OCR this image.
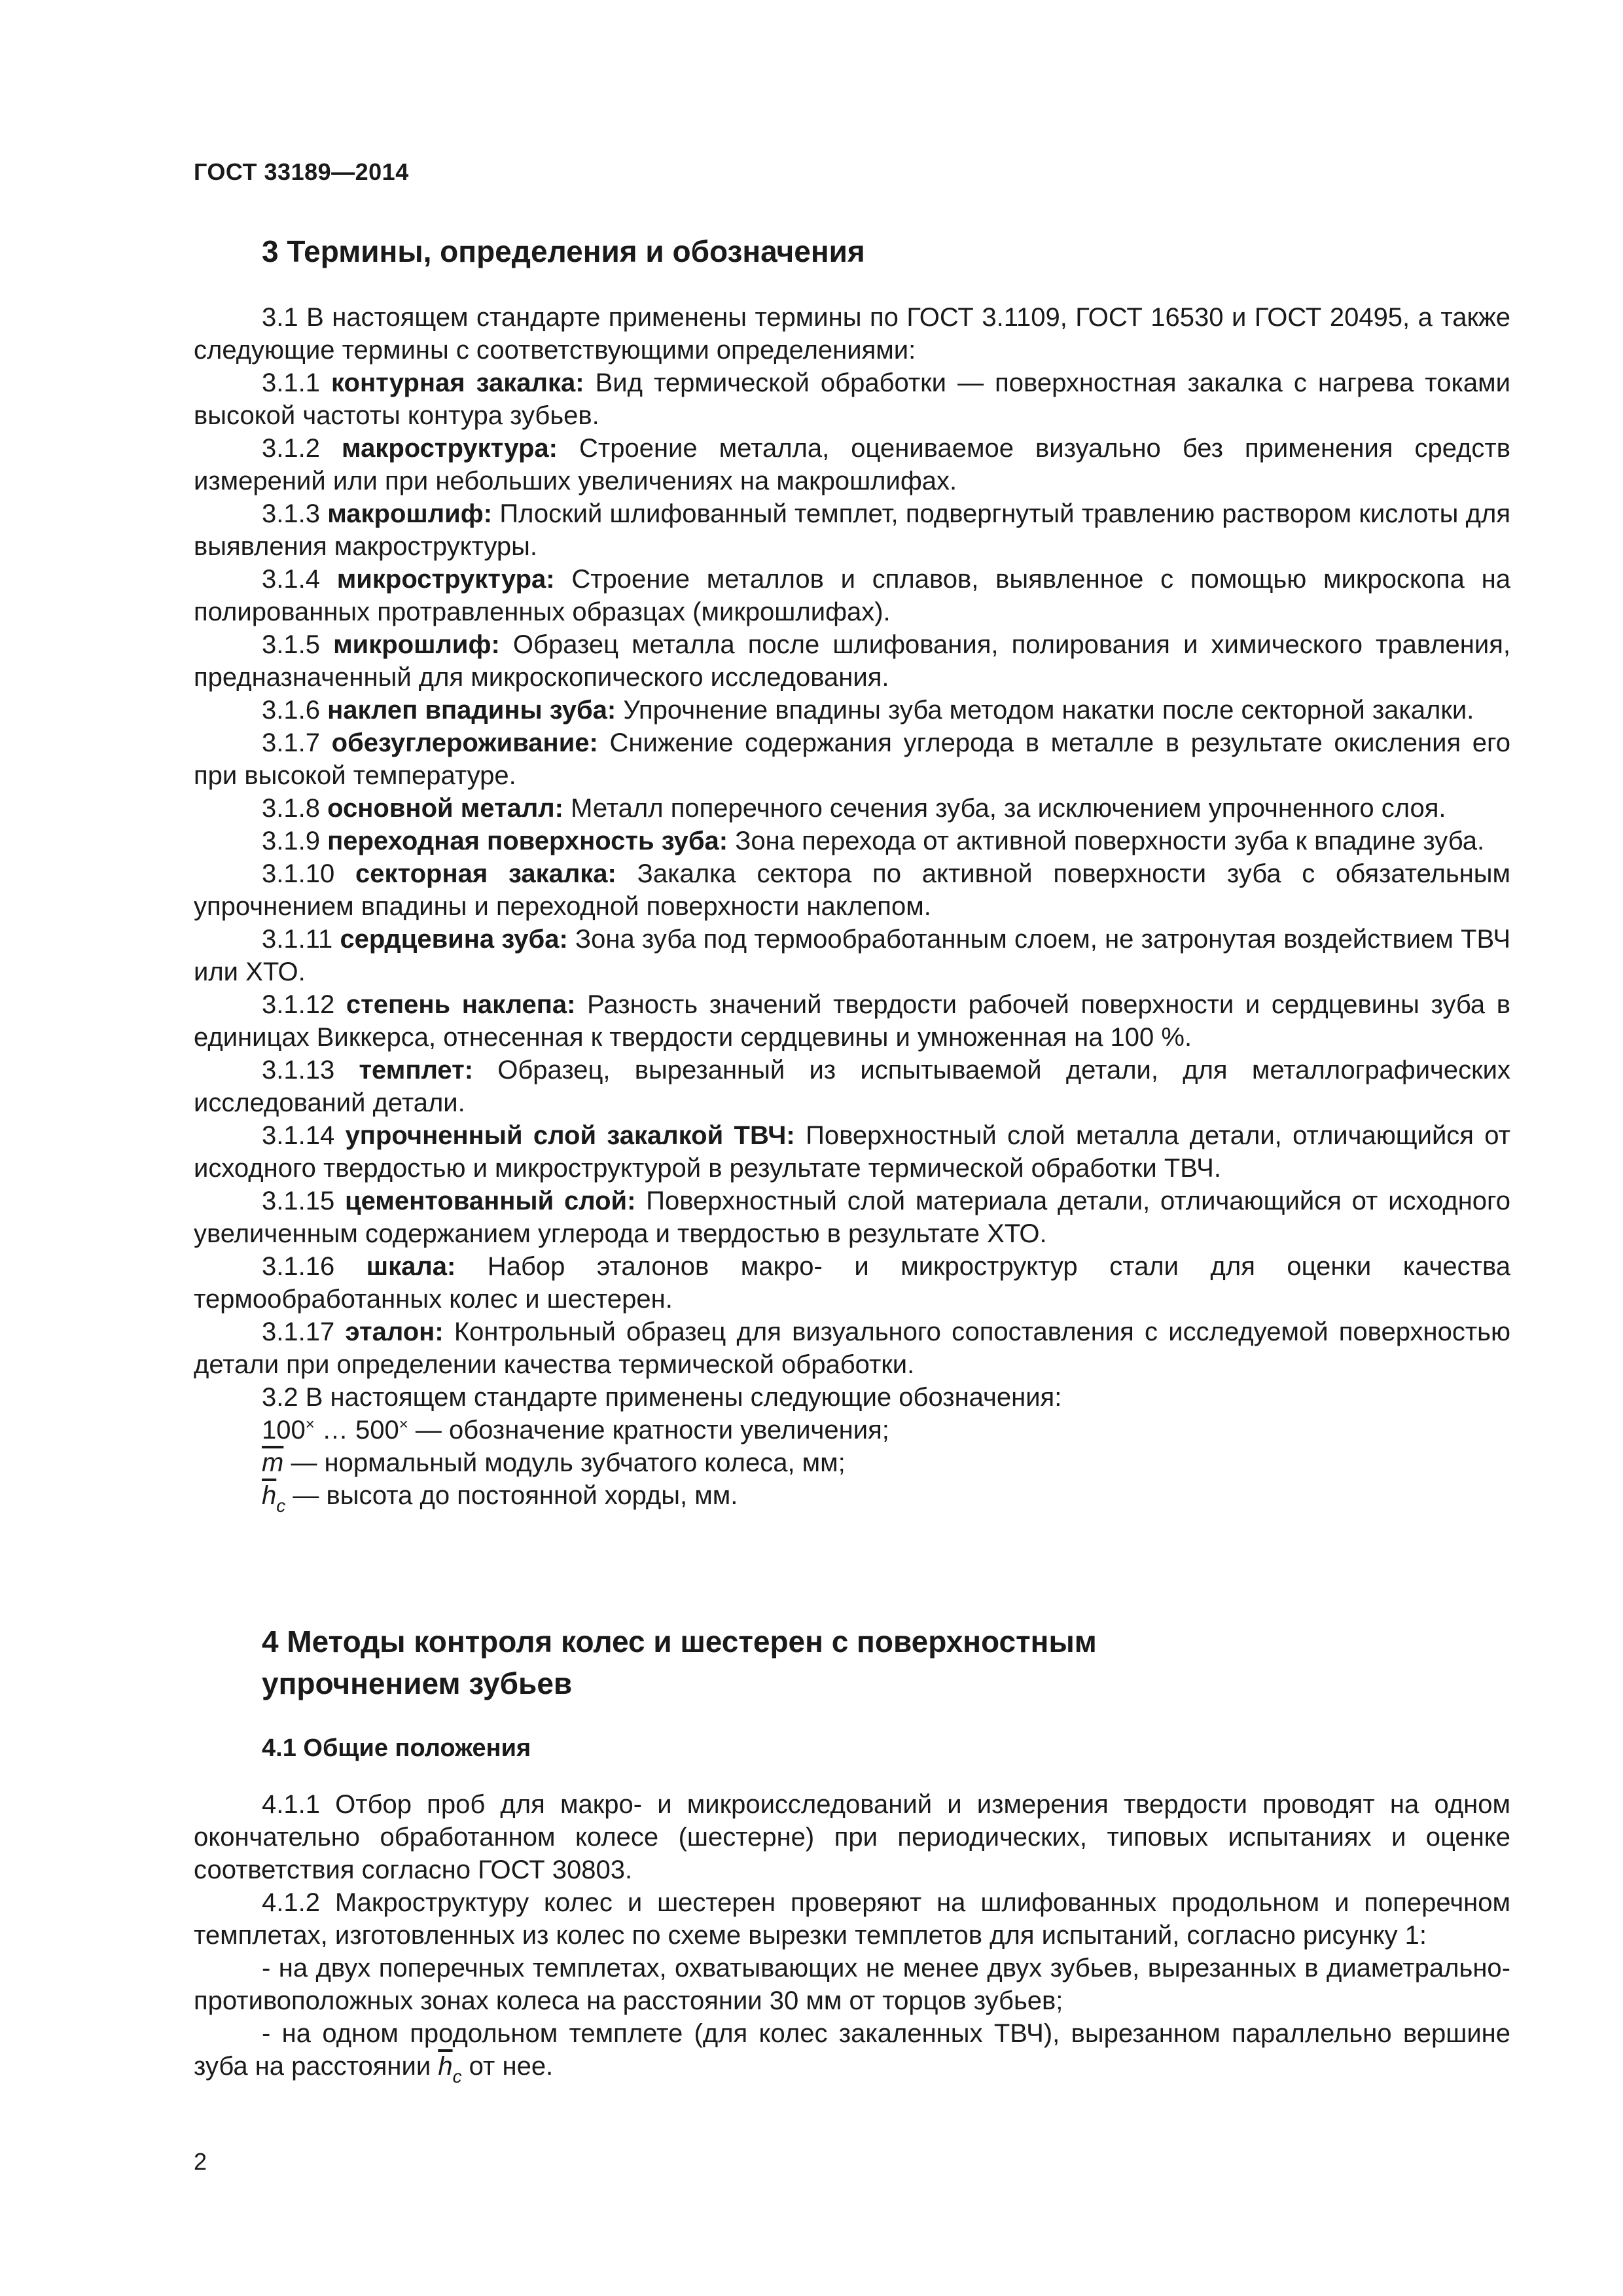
ГОСТ 33189—2014
3 Термины, определения и обозначения

3.1 В настоящем стандарте применены термины по ГОСТ 3.1109, ГОСТ 16530 и ГОСТ 20495, а также следующие термины с соответствующими определениями:

3.1.1 контурная закалка: Вид термической обработки — поверхностная закалка с нагрева токами высокой частоты контура зубьев.

3.1.2 макроструктура: Строение металла, оцениваемое визуально без применения средств измерений или при небольших увеличениях на макрошлифах.

3.1.3 макрошлиф: Плоский шлифованный темплет, подвергнутый травлению раствором кислоты для выявления макроструктуры.

3.1.4 микроструктура: Строение металлов и сплавов, выявленное с помощью микроскопа на полированных протравленных образцах (микрошлифах).

3.1.5 микрошлиф: Образец металла после шлифования, полирования и химического травления, предназначенный для микроскопического исследования.

3.1.6 наклеп впадины зуба: Упрочнение впадины зуба методом накатки после секторной закалки.

3.1.7 обезуглероживание: Снижение содержания углерода в металле в результате окисления его при высокой температуре.

3.1.8 основной металл: Металл поперечного сечения зуба, за исключением упрочненного слоя.

3.1.9 переходная поверхность зуба: Зона перехода от активной поверхности зуба к впадине зуба.

3.1.10 секторная закалка: Закалка сектора по активной поверхности зуба с обязательным упрочнением впадины и переходной поверхности наклепом.

3.1.11 сердцевина зуба: Зона зуба под термообработанным слоем, не затронутая воздействием ТВЧ или ХТО.

3.1.12 степень наклепа: Разность значений твердости рабочей поверхности и сердцевины зуба в единицах Виккерса, отнесенная к твердости сердцевины и умноженная на 100 %.

3.1.13 темплет: Образец, вырезанный из испытываемой детали, для металлографических исследований детали.

3.1.14 упрочненный слой закалкой ТВЧ: Поверхностный слой металла детали, отличающийся от исходного твердостью и микроструктурой в результате термической обработки ТВЧ.

3.1.15 цементованный слой: Поверхностный слой материала детали, отличающийся от исходного увеличенным содержанием углерода и твердостью в результате ХТО.

3.1.16 шкала: Набор эталонов макро- и микроструктур стали для оценки качества термообработанных колес и шестерен.

3.1.17 эталон: Контрольный образец для визуального сопоставления с исследуемой поверхностью детали при определении качества термической обработки.

3.2 В настоящем стандарте применены следующие обозначения:

100× … 500× — обозначение кратности увеличения;

$\overline{m}$ — нормальный модуль зубчатого колеса, мм;

$\overline{h}_c$ — высота до постоянной хорды, мм.

4 Методы контроля колес и шестерен с поверхностным
упрочнением зубьев
4.1 Общие положения

4.1.1 Отбор проб для макро- и микроисследований и измерения твердости проводят на одном окончательно обработанном колесе (шестерне) при периодических, типовых испытаниях и оценке соответствия согласно ГОСТ 30803.

4.1.2 Макроструктуру колес и шестерен проверяют на шлифованных продольном и поперечном темплетах, изготовленных из колес по схеме вырезки темплетов для испытаний, согласно рисунку 1:

- на двух поперечных темплетах, охватывающих не менее двух зубьев, вырезанных в диаметрально-противоположных зонах колеса на расстоянии 30 мм от торцов зубьев;

- на одном продольном темплете (для колес закаленных ТВЧ), вырезанном параллельно вершине зуба на расстоянии $\overline{h}_c$ от нее.

2
